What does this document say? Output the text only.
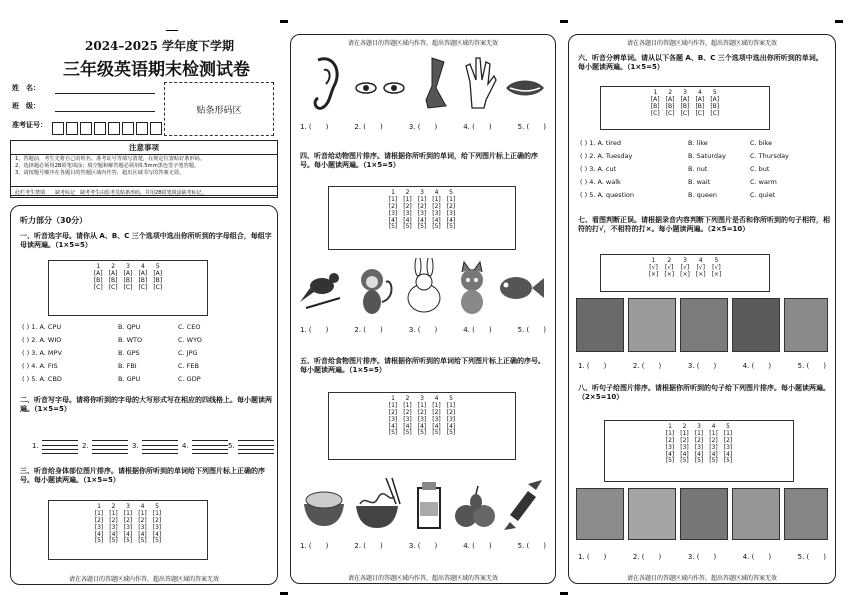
2024–2025 学年度下学期
三年级英语期末检测试卷
姓　名：
班　级：
准考证号：
贴条形码区
注意事项
1、答题前，考生先将自己的姓名、准考证号等填写清楚，在规定位置贴好条形码。
2、选择题必须用2B铅笔填涂；填空题和解答题必须用0.5mm黑色签字笔答题。
3、请按题号顺序在各题目的答题区域内作答，超出区域书写的答案无效。
此栏考生禁填　　缺考标记　 缺考考生由监考员贴条形码，并用2B铅笔填涂缺考标记。
听力部分（30分）
一、听音选字母。请你从 A、B、C 三个选项中选出你所听到的字母组合，每组字母读两遍。（1×5=5）
1	2	3	4	5
[A]	[A]	[A]	[A]	[A]
[B]	[B]	[B]	[B]	[B]
[C]	[C]	[C]	[C]	[C]
( ) 1. A. CPU	B. QPU	C. CEO
( ) 2. A. WIO	B. WTO	C. WYO
( ) 3. A. MPV	B. GPS	C. JPG
( ) 4. A. FIS	B. FBI	C. FEB
( ) 5. A. CBD	B. GPU	C. GDP
二、听音写字母。请将你听到的字母的大写形式写在相应的四线格上。每小题读两遍。（1×5=5）
1.	2.	3.	4.	5.
三、听音给身体部位图片排序。请根据你所听到的单词给下列图片标上正确的序号。每小题读两遍。（1×5=5）
1	2	3	4	5
[1]	[1]	[1]	[1]	[1]
[2]	[2]	[2]	[2]	[2]
[3]	[3]	[3]	[3]	[3]
[4]	[4]	[4]	[4]	[4]
[5]	[5]	[5]	[5]	[5]
请在各题目的答题区域内作答，超出答题区域的答案无效
请在各题目的答题区域内作答，超出答题区域的答案无效
1. (　　)	2. (　　)	3. (　　)	4. (　　)	5. (　　)
四、听音给动物图片排序。请根据你所听到的单词，给下列图片标上正确的序号。每小题读两遍。（1×5=5）
1	2	3	4	5
[1]	[1]	[1]	[1]	[1]
[2]	[2]	[2]	[2]	[2]
[3]	[3]	[3]	[3]	[3]
[4]	[4]	[4]	[4]	[4]
[5]	[5]	[5]	[5]	[5]
1. (　　)	2. (　　)	3. (　　)	4. (　　)	5. (　　)
五、听音给食物图片排序。请根据你所听到的单词给下列图片标上正确的序号。每小题读两遍。（1×5=5）
1	2	3	4	5
[1]	[1]	[1]	[1]	[1]
[2]	[2]	[2]	[2]	[2]
[3]	[3]	[3]	[3]	[3]
[4]	[4]	[4]	[4]	[4]
[5]	[5]	[5]	[5]	[5]
1. (　　)	2. (　　)	3. (　　)	4. (　　)	5. (　　)
请在各题目的答题区域内作答，超出答题区域的答案无效
请在各题目的答题区域内作答，超出答题区域的答案无效
六、听音分辨单词。请从以下各题 A、B、C 三个选项中选出你所听到的单词。每小题读两遍。（1×5=5）
1	2	3	4	5
[A]	[A]	[A]	[A]	[A]
[B]	[B]	[B]	[B]	[B]
[C]	[C]	[C]	[C]	[C]
( ) 1. A. tired	B. like	C. bike
( ) 2. A. Tuesday	B. Saturday	C. Thursday
( ) 3. A. cut	B. nut	C. but
( ) 4. A. walk	B. wait	C. warm
( ) 5. A. question	B. queen	C. quiet
七、看图判断正误。请根据录音内容判断下列图片是否和你所听到的句子相符，相符的打√，不相符的打×。每小题读两遍。（2×5=10）
1	2	3	4	5
[√]	[√]	[√]	[√]	[√]
[×]	[×]	[×]	[×]	[×]
1. (　　)	2. (　　)	3. (　　)	4. (　　)	5. (　　)
八、听句子给图片排序。请根据你所听到的句子给下列图片排序。每小题读两遍。（2×5=10）
1	2	3	4	5
[1]	[1]	[1]	[1]	[1]
[2]	[2]	[2]	[2]	[2]
[3]	[3]	[3]	[3]	[3]
[4]	[4]	[4]	[4]	[4]
[5]	[5]	[5]	[5]	[5]
1. (　　)	2. (　　)	3. (　　)	4. (　　)	5. (　　)
请在各题目的答题区域内作答，超出答题区域的答案无效
